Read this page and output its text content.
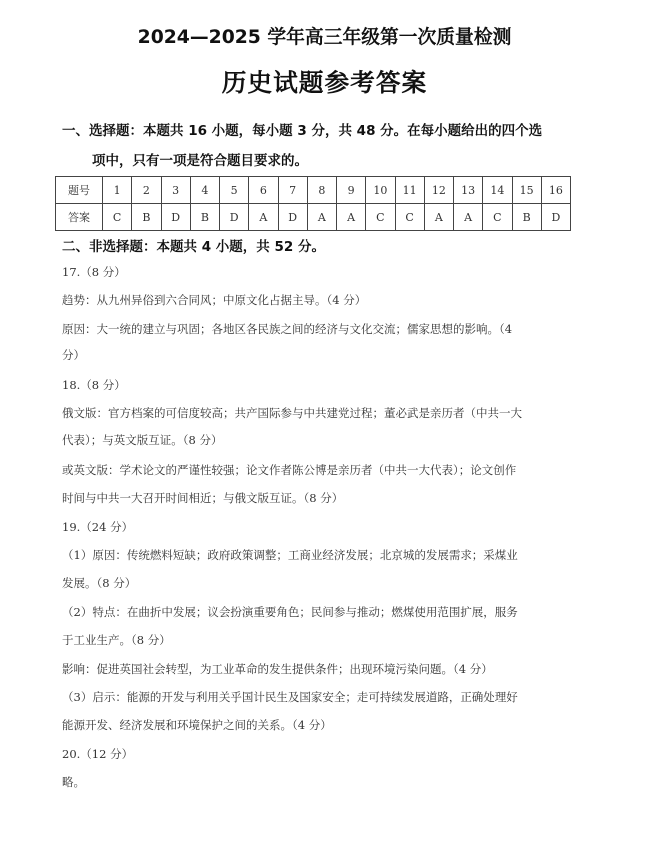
2024—2025 学年高三年级第一次质量检测
历史试题参考答案
一、选择题：本题共 16 小题，每小题 3 分，共 48 分。在每小题给出的四个选
项中，只有一项是符合题目要求的。
题号	1	2	3	4	5	6	7	8	9	10	11	12	13	14	15	16
答案	C	B	D	B	D	A	D	A	A	C	C	A	A	C	B	D
二、非选择题：本题共 4 小题，共 52 分。
17.（8 分）
趋势：从九州异俗到六合同风；中原文化占据主导。（4 分）
原因：大一统的建立与巩固；各地区各民族之间的经济与文化交流；儒家思想的影响。（4
分）
18.（8 分）
俄文版：官方档案的可信度较高；共产国际参与中共建党过程；董必武是亲历者（中共一大
代表）；与英文版互证。（8 分）
或英文版：学术论文的严谨性较强；论文作者陈公博是亲历者（中共一大代表）；论文创作
时间与中共一大召开时间相近；与俄文版互证。（8 分）
19.（24 分）
（1）原因：传统燃料短缺；政府政策调整；工商业经济发展；北京城的发展需求；采煤业
发展。（8 分）
（2）特点：在曲折中发展；议会扮演重要角色；民间参与推动；燃煤使用范围扩展，服务
于工业生产。（8 分）
影响：促进英国社会转型，为工业革命的发生提供条件；出现环境污染问题。（4 分）
（3）启示：能源的开发与利用关乎国计民生及国家安全；走可持续发展道路，正确处理好
能源开发、经济发展和环境保护之间的关系。（4 分）
20.（12 分）
略。
